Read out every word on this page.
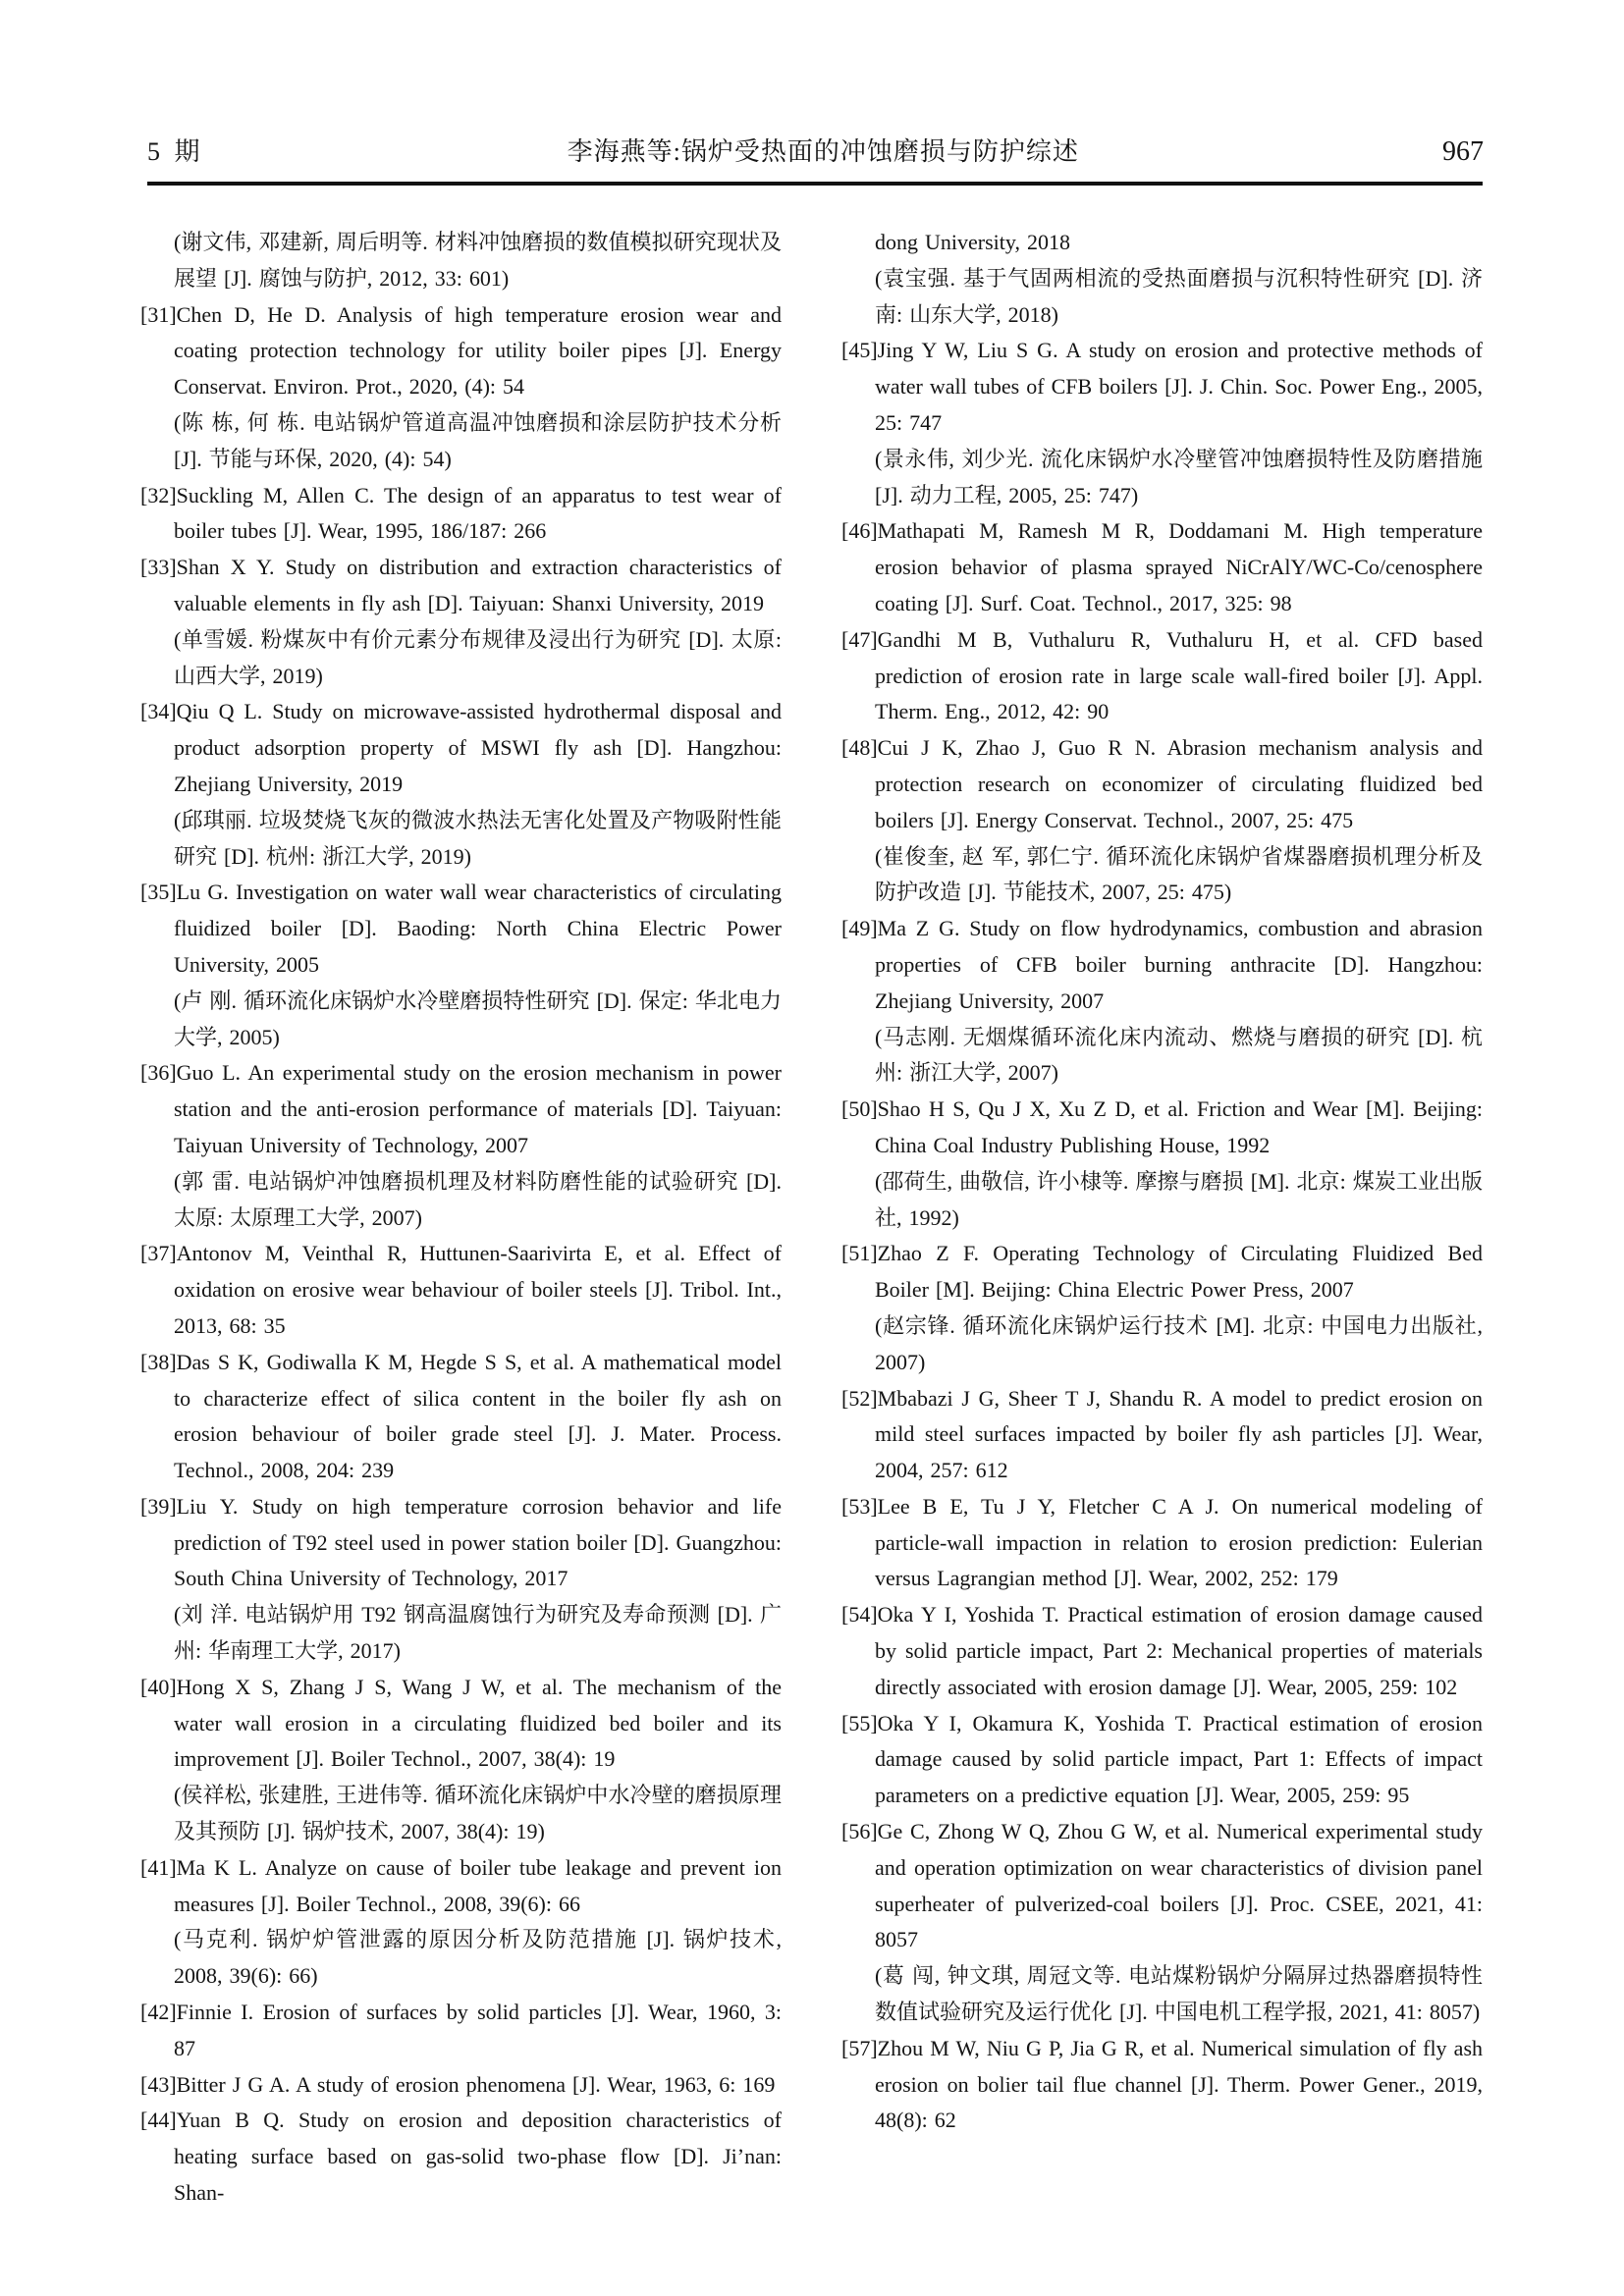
5 期	李海燕等:锅炉受热面的冲蚀磨损与防护综述	967

(谢文伟, 邓建新, 周后明等. 材料冲蚀磨损的数值模拟研究现状及展望 [J]. 腐蚀与防护, 2012, 33: 601)

[31]Chen D, He D. Analysis of high temperature erosion wear and coating protection technology for utility boiler pipes [J]. Energy Conservat. Environ. Prot., 2020, (4): 54

(陈 栋, 何 栋. 电站锅炉管道高温冲蚀磨损和涂层防护技术分析 [J]. 节能与环保, 2020, (4): 54)

[32]Suckling M, Allen C. The design of an apparatus to test wear of boiler tubes [J]. Wear, 1995, 186/187: 266

[33]Shan X Y. Study on distribution and extraction characteristics of valuable elements in fly ash [D]. Taiyuan: Shanxi University, 2019

(单雪媛. 粉煤灰中有价元素分布规律及浸出行为研究 [D]. 太原: 山西大学, 2019)

[34]Qiu Q L. Study on microwave-assisted hydrothermal disposal and product adsorption property of MSWI fly ash [D]. Hangzhou: Zhejiang University, 2019

(邱琪丽. 垃圾焚烧飞灰的微波水热法无害化处置及产物吸附性能研究 [D]. 杭州: 浙江大学, 2019)

[35]Lu G. Investigation on water wall wear characteristics of circulating fluidized boiler [D]. Baoding: North China Electric Power University, 2005

(卢 刚. 循环流化床锅炉水冷壁磨损特性研究 [D]. 保定: 华北电力大学, 2005)

[36]Guo L. An experimental study on the erosion mechanism in power station and the anti-erosion performance of materials [D]. Taiyuan: Taiyuan University of Technology, 2007

(郭 雷. 电站锅炉冲蚀磨损机理及材料防磨性能的试验研究 [D]. 太原: 太原理工大学, 2007)

[37]Antonov M, Veinthal R, Huttunen-Saarivirta E, et al. Effect of oxidation on erosive wear behaviour of boiler steels [J]. Tribol. Int., 2013, 68: 35

[38]Das S K, Godiwalla K M, Hegde S S, et al. A mathematical model to characterize effect of silica content in the boiler fly ash on erosion behaviour of boiler grade steel [J]. J. Mater. Process. Technol., 2008, 204: 239

[39]Liu Y. Study on high temperature corrosion behavior and life prediction of T92 steel used in power station boiler [D]. Guangzhou: South China University of Technology, 2017

(刘 洋. 电站锅炉用 T92 钢高温腐蚀行为研究及寿命预测 [D]. 广州: 华南理工大学, 2017)

[40]Hong X S, Zhang J S, Wang J W, et al. The mechanism of the water wall erosion in a circulating fluidized bed boiler and its improvement [J]. Boiler Technol., 2007, 38(4): 19

(侯祥松, 张建胜, 王进伟等. 循环流化床锅炉中水冷壁的磨损原理及其预防 [J]. 锅炉技术, 2007, 38(4): 19)

[41]Ma K L. Analyze on cause of boiler tube leakage and prevent ion measures [J]. Boiler Technol., 2008, 39(6): 66

(马克利. 锅炉炉管泄露的原因分析及防范措施 [J]. 锅炉技术, 2008, 39(6): 66)

[42]Finnie I. Erosion of surfaces by solid particles [J]. Wear, 1960, 3: 87

[43]Bitter J G A. A study of erosion phenomena [J]. Wear, 1963, 6: 169

[44]Yuan B Q. Study on erosion and deposition characteristics of heating surface based on gas-solid two-phase flow [D]. Ji’nan: Shan-

dong University, 2018

(袁宝强. 基于气固两相流的受热面磨损与沉积特性研究 [D]. 济南: 山东大学, 2018)

[45]Jing Y W, Liu S G. A study on erosion and protective methods of water wall tubes of CFB boilers [J]. J. Chin. Soc. Power Eng., 2005, 25: 747

(景永伟, 刘少光. 流化床锅炉水冷壁管冲蚀磨损特性及防磨措施 [J]. 动力工程, 2005, 25: 747)

[46]Mathapati M, Ramesh M R, Doddamani M. High temperature erosion behavior of plasma sprayed NiCrAlY/WC-Co/cenosphere coating [J]. Surf. Coat. Technol., 2017, 325: 98

[47]Gandhi M B, Vuthaluru R, Vuthaluru H, et al. CFD based prediction of erosion rate in large scale wall-fired boiler [J]. Appl. Therm. Eng., 2012, 42: 90

[48]Cui J K, Zhao J, Guo R N. Abrasion mechanism analysis and protection research on economizer of circulating fluidized bed boilers [J]. Energy Conservat. Technol., 2007, 25: 475

(崔俊奎, 赵 军, 郭仁宁. 循环流化床锅炉省煤器磨损机理分析及防护改造 [J]. 节能技术, 2007, 25: 475)

[49]Ma Z G. Study on flow hydrodynamics, combustion and abrasion properties of CFB boiler burning anthracite [D]. Hangzhou: Zhejiang University, 2007

(马志刚. 无烟煤循环流化床内流动、燃烧与磨损的研究 [D]. 杭州: 浙江大学, 2007)

[50]Shao H S, Qu J X, Xu Z D, et al. Friction and Wear [M]. Beijing: China Coal Industry Publishing House, 1992

(邵荷生, 曲敬信, 许小棣等. 摩擦与磨损 [M]. 北京: 煤炭工业出版社, 1992)

[51]Zhao Z F. Operating Technology of Circulating Fluidized Bed Boiler [M]. Beijing: China Electric Power Press, 2007

(赵宗锋. 循环流化床锅炉运行技术 [M]. 北京: 中国电力出版社, 2007)

[52]Mbabazi J G, Sheer T J, Shandu R. A model to predict erosion on mild steel surfaces impacted by boiler fly ash particles [J]. Wear, 2004, 257: 612

[53]Lee B E, Tu J Y, Fletcher C A J. On numerical modeling of particle-wall impaction in relation to erosion prediction: Eulerian versus Lagrangian method [J]. Wear, 2002, 252: 179

[54]Oka Y I, Yoshida T. Practical estimation of erosion damage caused by solid particle impact, Part 2: Mechanical properties of materials directly associated with erosion damage [J]. Wear, 2005, 259: 102

[55]Oka Y I, Okamura K, Yoshida T. Practical estimation of erosion damage caused by solid particle impact, Part 1: Effects of impact parameters on a predictive equation [J]. Wear, 2005, 259: 95

[56]Ge C, Zhong W Q, Zhou G W, et al. Numerical experimental study and operation optimization on wear characteristics of division panel superheater of pulverized-coal boilers [J]. Proc. CSEE, 2021, 41: 8057

(葛 闯, 钟文琪, 周冠文等. 电站煤粉锅炉分隔屏过热器磨损特性数值试验研究及运行优化 [J]. 中国电机工程学报, 2021, 41: 8057)

[57]Zhou M W, Niu G P, Jia G R, et al. Numerical simulation of fly ash erosion on bolier tail flue channel [J]. Therm. Power Gener., 2019, 48(8): 62
